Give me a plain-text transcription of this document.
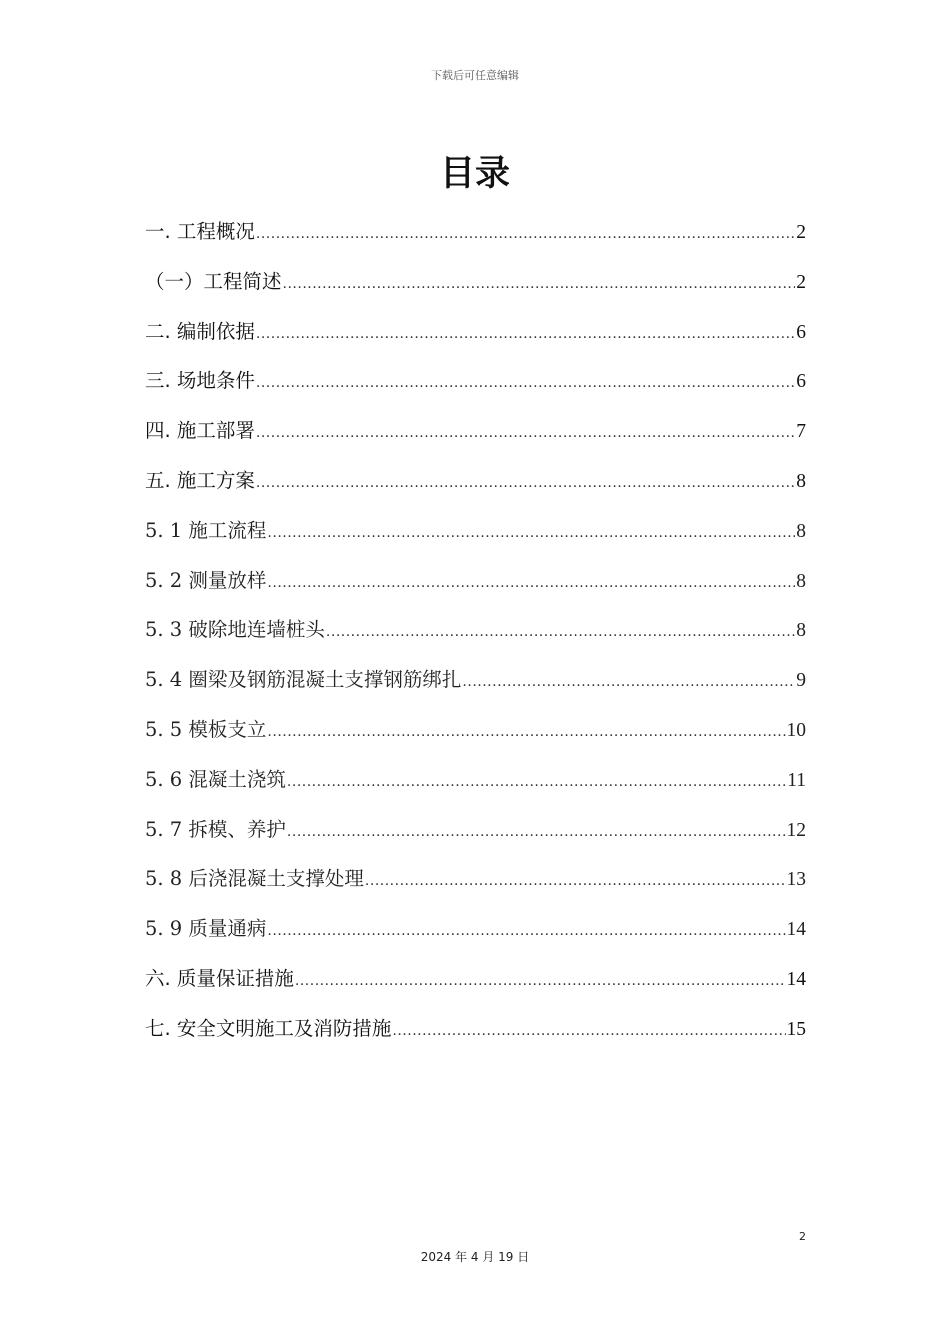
下载后可任意编辑
目录
一. 工程概况 .....	2
（一）工程简述 .....	2
二. 编制依据 .....	6
三. 场地条件 .....	6
四. 施工部署 .....	7
五. 施工方案 .....	8
5. 1 施工流程 .....	8
5. 2 测量放样 .....	8
5. 3 破除地连墙桩头 .....	8
5. 4 圈梁及钢筋混凝土支撑钢筋绑扎 .....	9
5. 5 模板支立 .....	10
5. 6 混凝土浇筑 .....	11
5. 7 拆模、养护 .....	12
5. 8 后浇混凝土支撑处理 .....	13
5. 9 质量通病 .....	14
六. 质量保证措施 .....	14
七. 安全文明施工及消防措施 .....	15
2
2024 年 4 月 19 日
